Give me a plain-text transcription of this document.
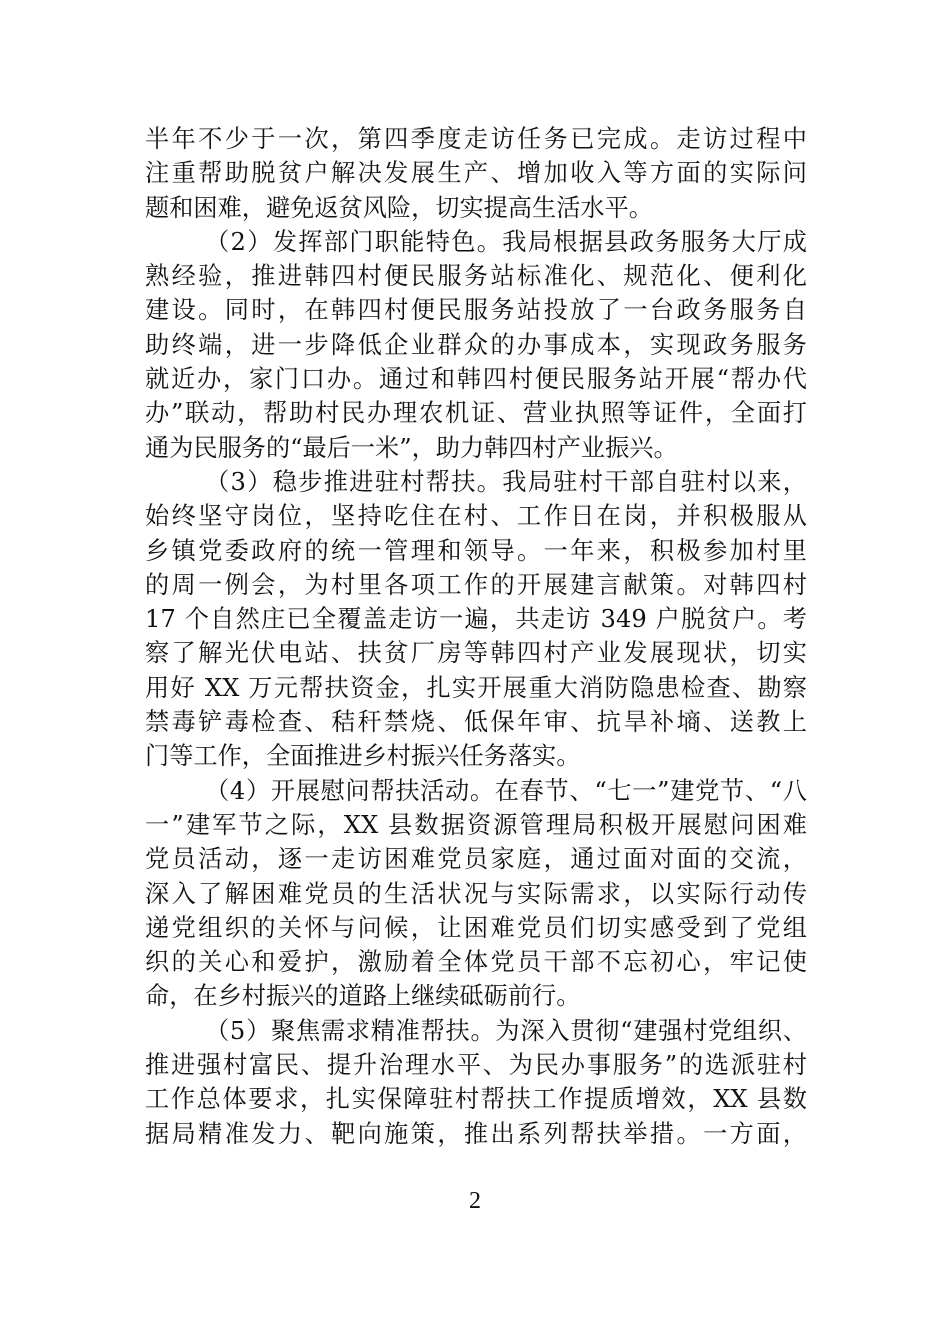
半年不少于一次，第四季度走访任务已完成。走访过程中
注重帮助脱贫户解决发展生产、增加收入等方面的实际问
题和困难，避免返贫风险，切实提高生活水平。
（2）发挥部门职能特色。我局根据县政务服务大厅成
熟经验，推进韩四村便民服务站标准化、规范化、便利化
建设。同时，在韩四村便民服务站投放了一台政务服务自
助终端，进一步降低企业群众的办事成本，实现政务服务
就近办，家门口办。通过和韩四村便民服务站开展“帮办代
办”联动，帮助村民办理农机证、营业执照等证件，全面打
通为民服务的“最后一米”，助力韩四村产业振兴。
（3）稳步推进驻村帮扶。我局驻村干部自驻村以来，
始终坚守岗位，坚持吃住在村、工作日在岗，并积极服从
乡镇党委政府的统一管理和领导。一年来，积极参加村里
的周一例会，为村里各项工作的开展建言献策。对韩四村
17 个自然庄已全覆盖走访一遍，共走访 349 户脱贫户。考
察了解光伏电站、扶贫厂房等韩四村产业发展现状，切实
用好 XX 万元帮扶资金，扎实开展重大消防隐患检查、勘察
禁毒铲毒检查、秸秆禁烧、低保年审、抗旱补墒、送教上
门等工作，全面推进乡村振兴任务落实。
（4）开展慰问帮扶活动。在春节、“七一”建党节、“八
一”建军节之际，XX 县数据资源管理局积极开展慰问困难
党员活动，逐一走访困难党员家庭，通过面对面的交流，
深入了解困难党员的生活状况与实际需求，以实际行动传
递党组织的关怀与问候，让困难党员们切实感受到了党组
织的关心和爱护，激励着全体党员干部不忘初心，牢记使
命，在乡村振兴的道路上继续砥砺前行。
（5）聚焦需求精准帮扶。为深入贯彻“建强村党组织、
推进强村富民、提升治理水平、为民办事服务”的选派驻村
工作总体要求，扎实保障驻村帮扶工作提质增效，XX 县数
据局精准发力、靶向施策，推出系列帮扶举措。一方面，
2
